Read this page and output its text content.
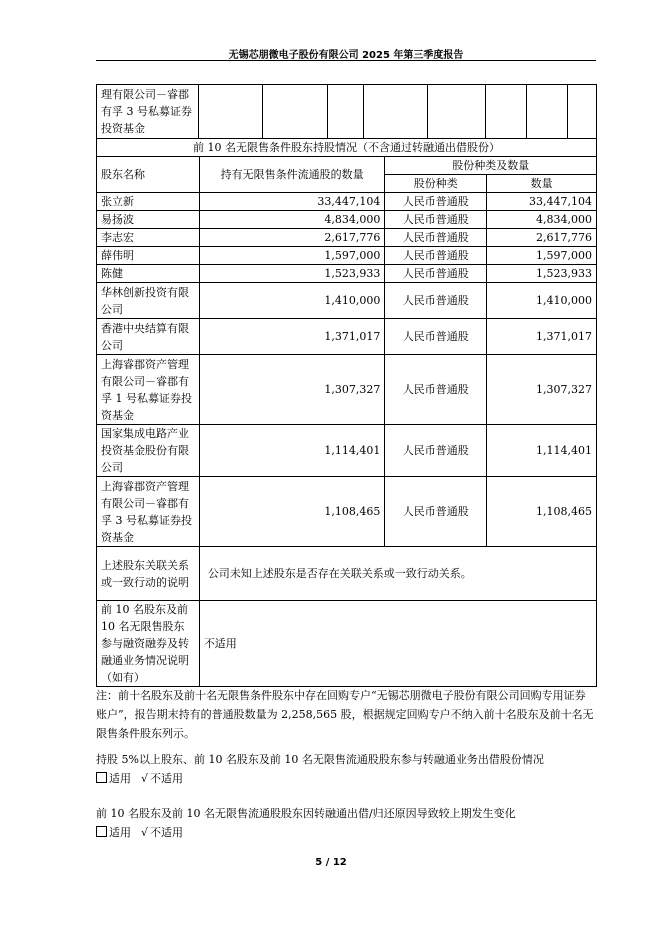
无锡芯朋微电子股份有限公司 2025 年第三季度报告
理有限公司－睿郡有孚 3 号私募证券投资基金								
前 10 名无限售条件股东持股情况（不含通过转融通出借股份）			
股东名称	持有无限售条件流通股的数量	股份种类及数量	
		股份种类	数量
张立新	33,447,104	人民币普通股	33,447,104
易扬波	4,834,000	人民币普通股	4,834,000
李志宏	2,617,776	人民币普通股	2,617,776
薛伟明	1,597,000	人民币普通股	1,597,000
陈健	1,523,933	人民币普通股	1,523,933
华林创新投资有限公司	1,410,000	人民币普通股	1,410,000
香港中央结算有限公司	1,371,017	人民币普通股	1,371,017
上海睿郡资产管理有限公司－睿郡有孚 1 号私募证券投资基金	1,307,327	人民币普通股	1,307,327
国家集成电路产业投资基金股份有限公司	1,114,401	人民币普通股	1,114,401
上海睿郡资产管理有限公司－睿郡有孚 3 号私募证券投资基金	1,108,465	人民币普通股	1,108,465
上述股东关联关系或一致行动的说明	公司未知上述股东是否存在关联关系或一致行动关系。		
前 10 名股东及前 10 名无限售股东参与融资融券及转融通业务情况说明（如有）	不适用		

注：前十名股东及前十名无限售条件股东中存在回购专户“无锡芯朋微电子股份有限公司回购专用证券账户”，报告期末持有的普通股数量为 2,258,565 股，根据规定回购专户不纳入前十名股东及前十名无限售条件股东列示。

持股 5%以上股东、前 10 名股东及前 10 名无限售流通股股东参与转融通业务出借股份情况

适用 √ 不适用

前 10 名股东及前 10 名无限售流通股股东因转融通出借/归还原因导致较上期发生变化

适用 √ 不适用

5 / 12
